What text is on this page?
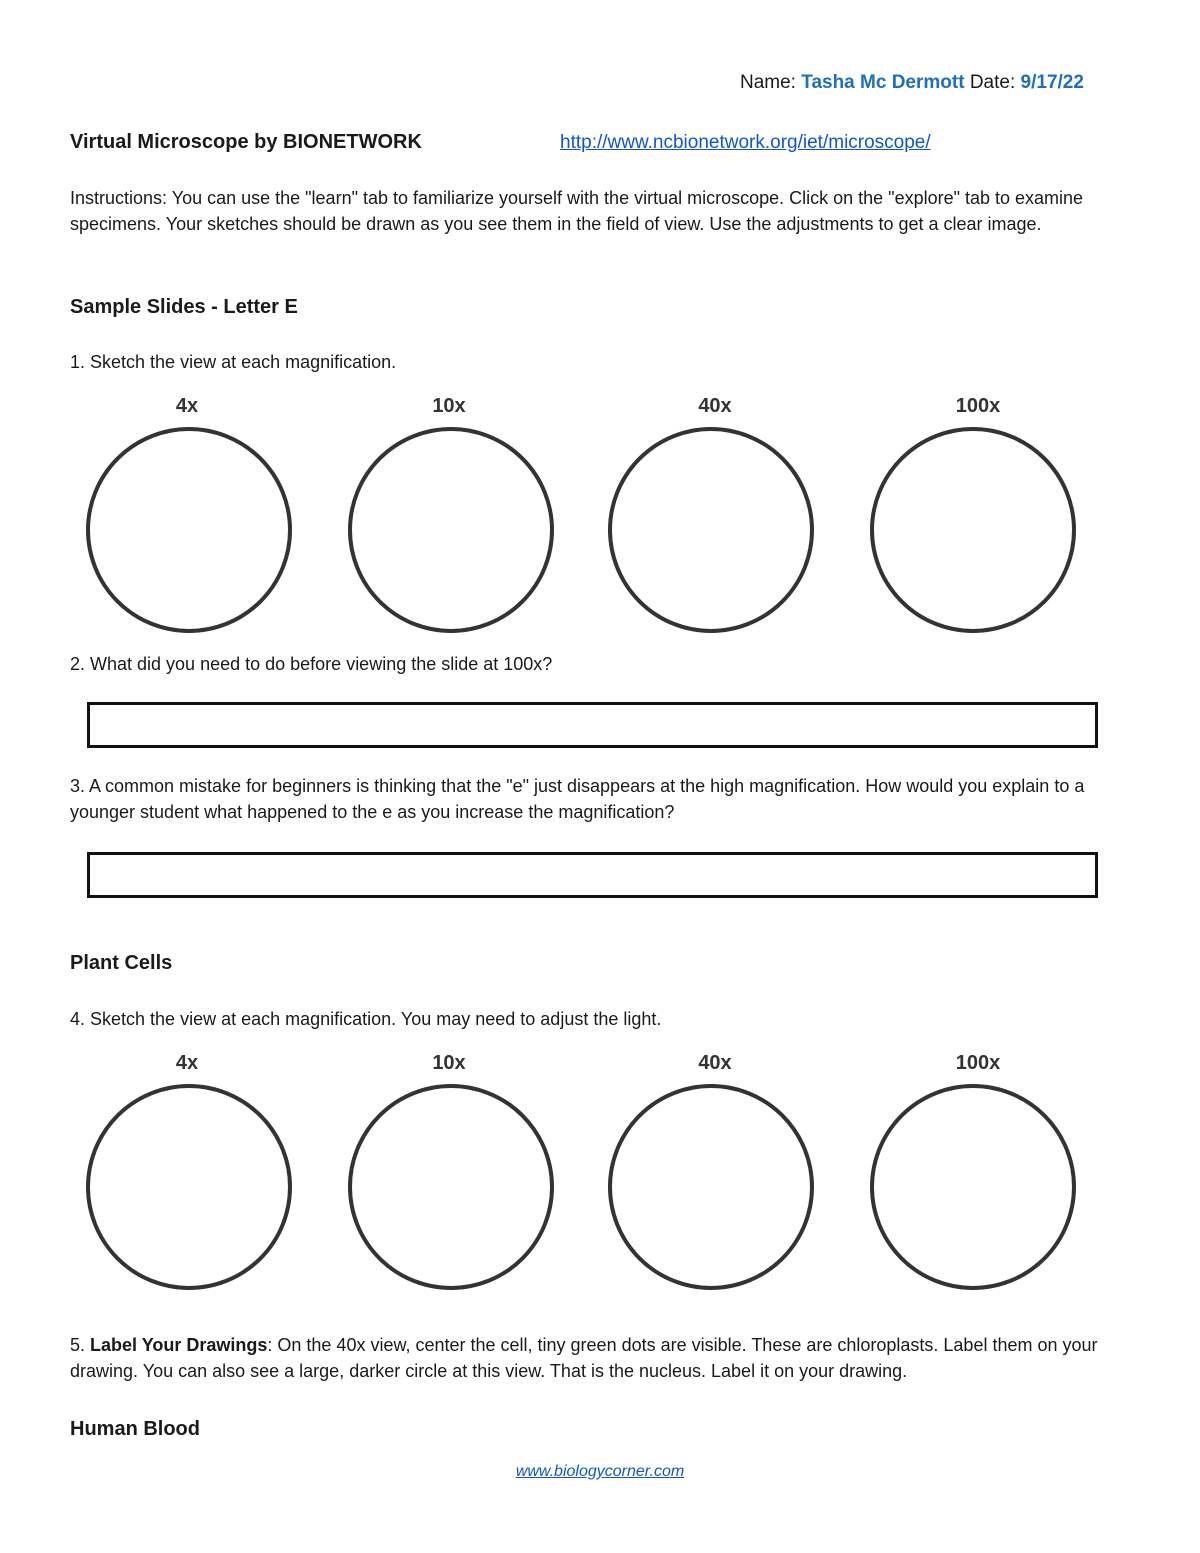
Name: Tasha Mc Dermott Date: 9/17/22
Virtual Microscope by BIONETWORK	http://www.ncbionetwork.org/iet/microscope/
Instructions: You can use the "learn" tab to familiarize yourself with the virtual microscope. Click on the "explore" tab to examine specimens. Your sketches should be drawn as you see them in the field of view. Use the adjustments to get a clear image.
Sample Slides - Letter E
1. Sketch the view at each magnification.
4x	10x	40x	100x
2. What did you need to do before viewing the slide at 100x?
3. A common mistake for beginners is thinking that the "e" just disappears at the high magnification. How would you explain to a younger student what happened to the e as you increase the magnification?
Plant Cells
4. Sketch the view at each magnification. You may need to adjust the light.
4x	10x	40x	100x
5. Label Your Drawings: On the 40x view, center the cell, tiny green dots are visible. These are chloroplasts. Label them on your drawing. You can also see a large, darker circle at this view. That is the nucleus. Label it on your drawing.
Human Blood
www.biologycorner.com
